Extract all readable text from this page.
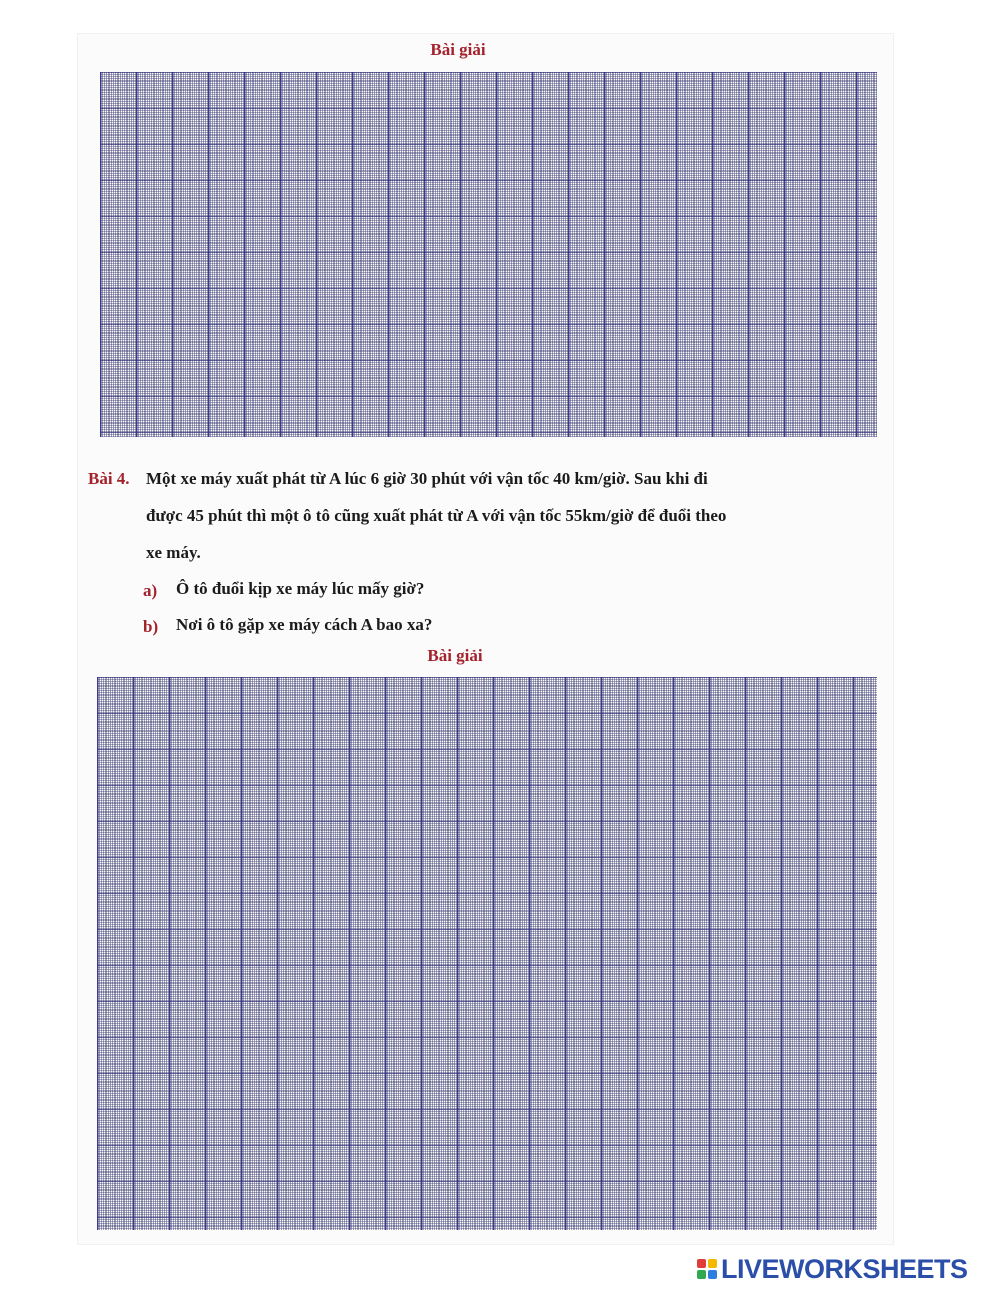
Bài giải
Bài 4. Một xe máy xuất phát từ A lúc 6 giờ 30 phút với vận tốc 40 km/giờ. Sau khi đi
được 45 phút thì một ô tô cũng xuất phát từ A với vận tốc 55km/giờ để đuổi theo
xe máy.
a) Ô tô đuổi kịp xe máy lúc mấy giờ?
b) Nơi ô tô gặp xe máy cách A bao xa?
Bài giải
LIVEWORKSHEETS
